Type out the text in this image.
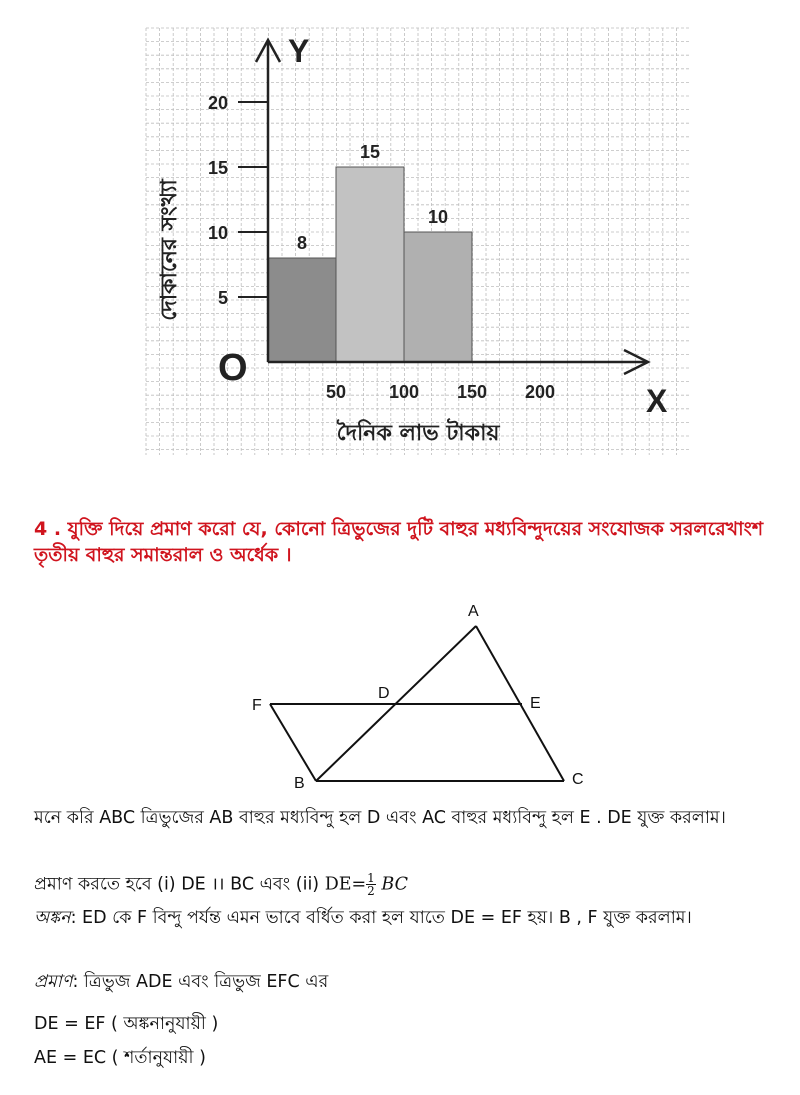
8
15
10
5
10
15
20
50 100 150 200
Y
X
O
দোকানের সংখ্যা
দৈনিক লাভ টাকায়

4 . যুক্তি দিয়ে প্রমাণ করো যে, কোনো ত্রিভুজের দুটি বাহুর মধ্যবিন্দুদয়ের সংযোজক সরলরেখাংশ তৃতীয় বাহুর সমান্তরাল ও অর্ধেক ।

A
B	C
D
E
F

মনে করি ABC ত্রিভুজের AB বাহুর মধ্যবিন্দু হল D এবং AC বাহুর মধ্যবিন্দু হল E . DE যুক্ত করলাম।

প্রমাণ করতে হবে (i) DE ।। BC এবং (ii) $DE= \frac{1}{2}$ BC

অঙ্কন: ED কে F বিন্দু পর্যন্ত এমন ভাবে বর্ধিত করা হল যাতে DE = EF হয়। B , F যুক্ত করলাম।

প্রমাণ: ত্রিভুজ ADE এবং ত্রিভুজ EFC এর

DE = EF ( অঙ্কনানুযায়ী )

AE = EC ( শর্তানুযায়ী )
